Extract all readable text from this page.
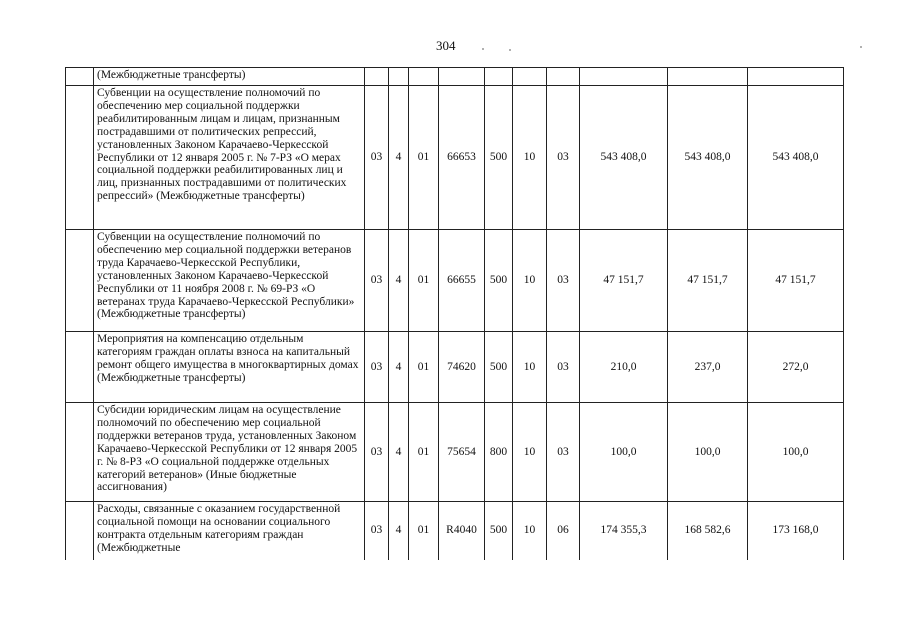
304
	(Межбюджетные трансферты)										
	Субвенции на осуществление полномочий по обеспечению мер социальной поддержки реабилитированным лицам и лицам, признанным пострадавшими от политических репрессий, установленных Законом Карачаево-Черкесской Республики от 12 января 2005 г. № 7-РЗ «О мерах социальной поддержки реабилитированных лиц и лиц, признанных пострадавшими от политических репрессий» (Межбюджетные трансферты)	03	4	01	66653	500	10	03	543 408,0	543 408,0	543 408,0
	Субвенции на осуществление полномочий по обеспечению мер социальной поддержки ветеранов труда Карачаево-Черкесской Республики, установленных Законом Карачаево-Черкесской Республики от 11 ноября 2008 г. № 69-РЗ «О ветеранах труда Карачаево-Черкесской Республики» (Межбюджетные трансферты)	03	4	01	66655	500	10	03	47 151,7	47 151,7	47 151,7
	Мероприятия на компенсацию отдельным категориям граждан оплаты взноса на капитальный ремонт общего имущества в многоквартирных домах (Межбюджетные трансферты)	03	4	01	74620	500	10	03	210,0	237,0	272,0
	Субсидии юридическим лицам на осуществление полномочий по обеспечению мер социальной поддержки ветеранов труда, установленных Законом Карачаево-Черкесской Республики от 12 января 2005 г. № 8-РЗ «О социальной поддержке отдельных категорий ветеранов» (Иные бюджетные ассигнования)	03	4	01	75654	800	10	03	100,0	100,0	100,0
	Расходы, связанные с оказанием государственной социальной помощи на основании социального контракта отдельным категориям граждан (Межбюджетные	03	4	01	R4040	500	10	06	174 355,3	168 582,6	173 168,0
